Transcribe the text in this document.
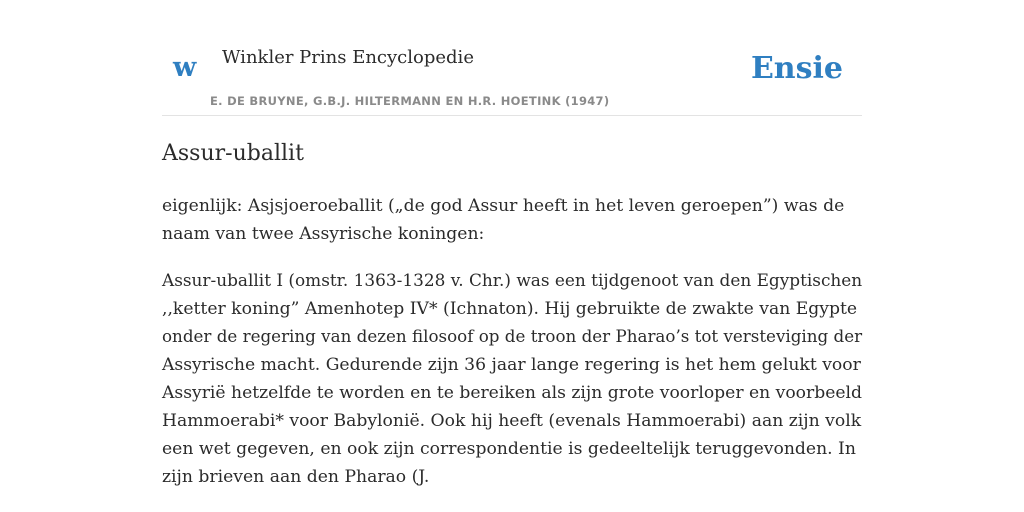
w Winkler Prins Encyclopedie
E. DE BRUYNE, G.B.J. HILTERMANN EN H.R. HOETINK (1947)
Ensie
Assur-uballit

eigenlijk: Asjsjoeroeballit („de god Assur heeft in het leven geroepen”) was de
naam van twee Assyrische koningen:

Assur-uballit I (omstr. 1363-1328 v. Chr.) was een tijdgenoot van den Egyptischen
,,ketter koning” Amenhotep IV* (Ichnaton). Hij gebruikte de zwakte van Egypte
onder de regering van dezen filosoof op de troon der Pharao’s tot versteviging der
Assyrische macht. Gedurende zijn 36 jaar lange regering is het hem gelukt voor
Assyrië hetzelfde te worden en te bereiken als zijn grote voorloper en voorbeeld
Hammoerabi* voor Babylonië. Ook hij heeft (evenals Hammoerabi) aan zijn volk
een wet gegeven, en ook zijn correspondentie is gedeeltelijk teruggevonden. In
zijn brieven aan den Pharao (J.
